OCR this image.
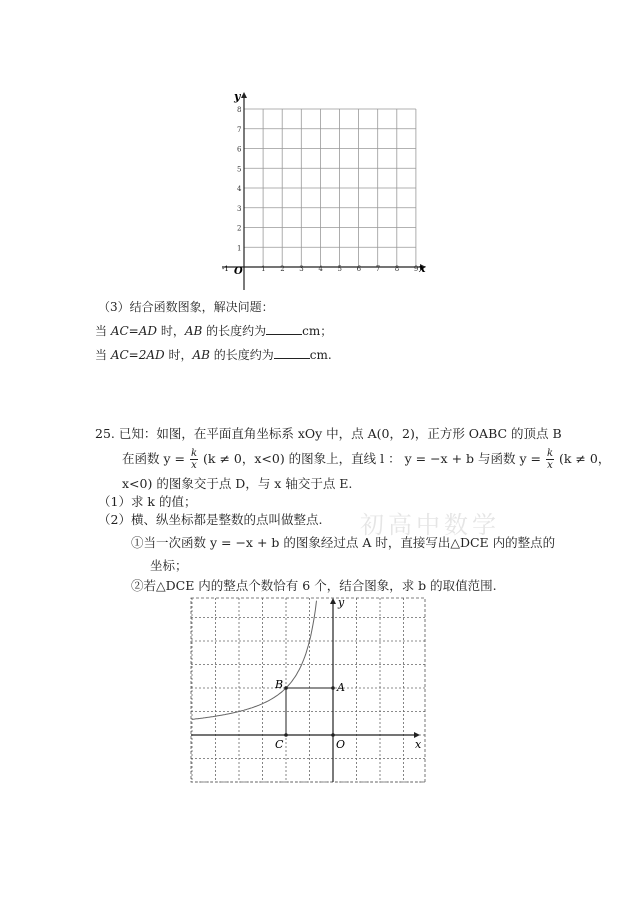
y
x
O
-1	1 2 3 4 5 6 7 8 9
1
2
3
4
5
6
7
8
（3）结合函数图象，解决问题：
当 AC=AD 时，AB 的长度约为	cm；
当 AC=2AD 时，AB 的长度约为	cm.
25. 已知：如图，在平面直角坐标系 xOy 中，点 A(0，2)，正方形 OABC 的顶点 B
在函数 $y = \frac{k}{x} (k \ne 0$，x<0) 的图象上，直线 l ： y = −x + b 与函数 $y = \frac{k}{x} (k \ne 0$，
x<0) 的图象交于点 D，与 x 轴交于点 E.
（1）求 k 的值；
（2）横、纵坐标都是整数的点叫做整点.
①当一次函数 y = −x + b 的图象经过点 A 时，直接写出△DCE 内的整点的
坐标；
②若△DCE 内的整点个数恰有 6 个，结合图象，求 b 的取值范围.
初高中数学
A
B
C	O	x
y
